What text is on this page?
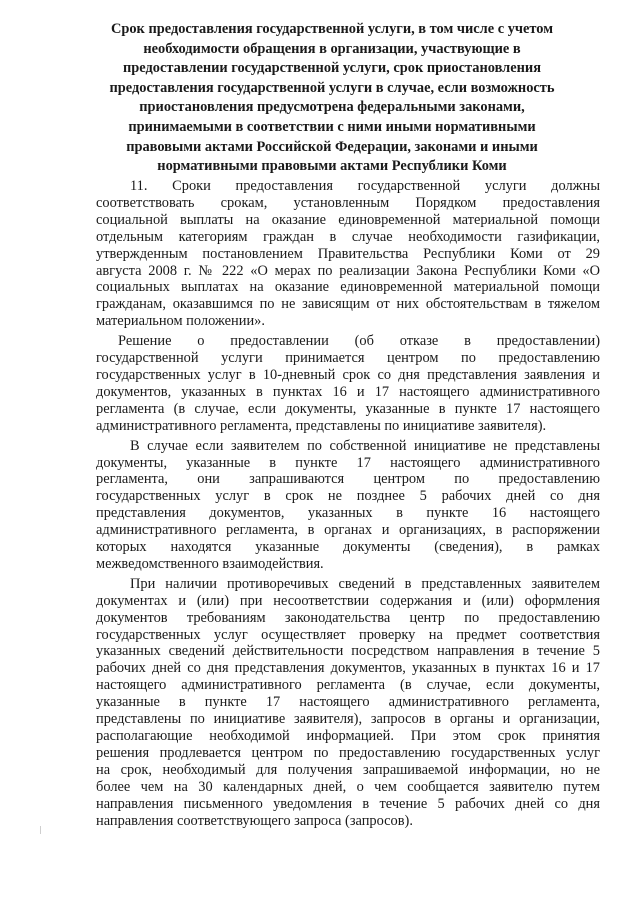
Срок предоставления государственной услуги, в том числе с учетом
необходимости обращения в организации, участвующие в
предоставлении государственной услуги, срок приостановления
предоставления государственной услуги в случае, если возможность
приостановления предусмотрена федеральными законами,
принимаемыми в соответствии с ними иными нормативными
правовыми актами Российской Федерации, законами и иными
нормативными правовыми актами Республики Коми

11. Сроки предоставления государственной услуги должны
соответствовать срокам, установленным Порядком предоставления
социальной выплаты на оказание единовременной материальной помощи
отдельным категориям граждан в случае необходимости газификации,
утвержденным постановлением Правительства Республики Коми от 29
августа 2008 г. № 222 «О мерах по реализации Закона Республики Коми «О
социальных выплатах на оказание единовременной материальной помощи
гражданам, оказавшимся по не зависящим от них обстоятельствам в тяжелом
материальном положении».

Решение о предоставлении (об отказе в предоставлении)
государственной услуги принимается центром по предоставлению
государственных услуг в 10-дневный срок со дня представления заявления и
документов, указанных в пунктах 16 и 17 настоящего административного
регламента (в случае, если документы, указанные в пункте 17 настоящего
административного регламента, представлены по инициативе заявителя).

В случае если заявителем по собственной инициативе не представлены
документы, указанные в пункте 17 настоящего административного
регламента, они запрашиваются центром по предоставлению
государственных услуг в срок не позднее 5 рабочих дней со дня
представления документов, указанных в пункте 16 настоящего
административного регламента, в органах и организациях, в распоряжении
которых находятся указанные документы (сведения), в рамках
межведомственного взаимодействия.

При наличии противоречивых сведений в представленных заявителем
документах и (или) при несоответствии содержания и (или) оформления
документов требованиям законодательства центр по предоставлению
государственных услуг осуществляет проверку на предмет соответствия
указанных сведений действительности посредством направления в течение 5
рабочих дней со дня представления документов, указанных в пунктах 16 и 17
настоящего административного регламента (в случае, если документы,
указанные в пункте 17 настоящего административного регламента,
представлены по инициативе заявителя), запросов в органы и организации,
располагающие необходимой информацией. При этом срок принятия
решения продлевается центром по предоставлению государственных услуг
на срок, необходимый для получения запрашиваемой информации, но не
более чем на 30 календарных дней, о чем сообщается заявителю путем
направления письменного уведомления в течение 5 рабочих дней со дня
направления соответствующего запроса (запросов).
